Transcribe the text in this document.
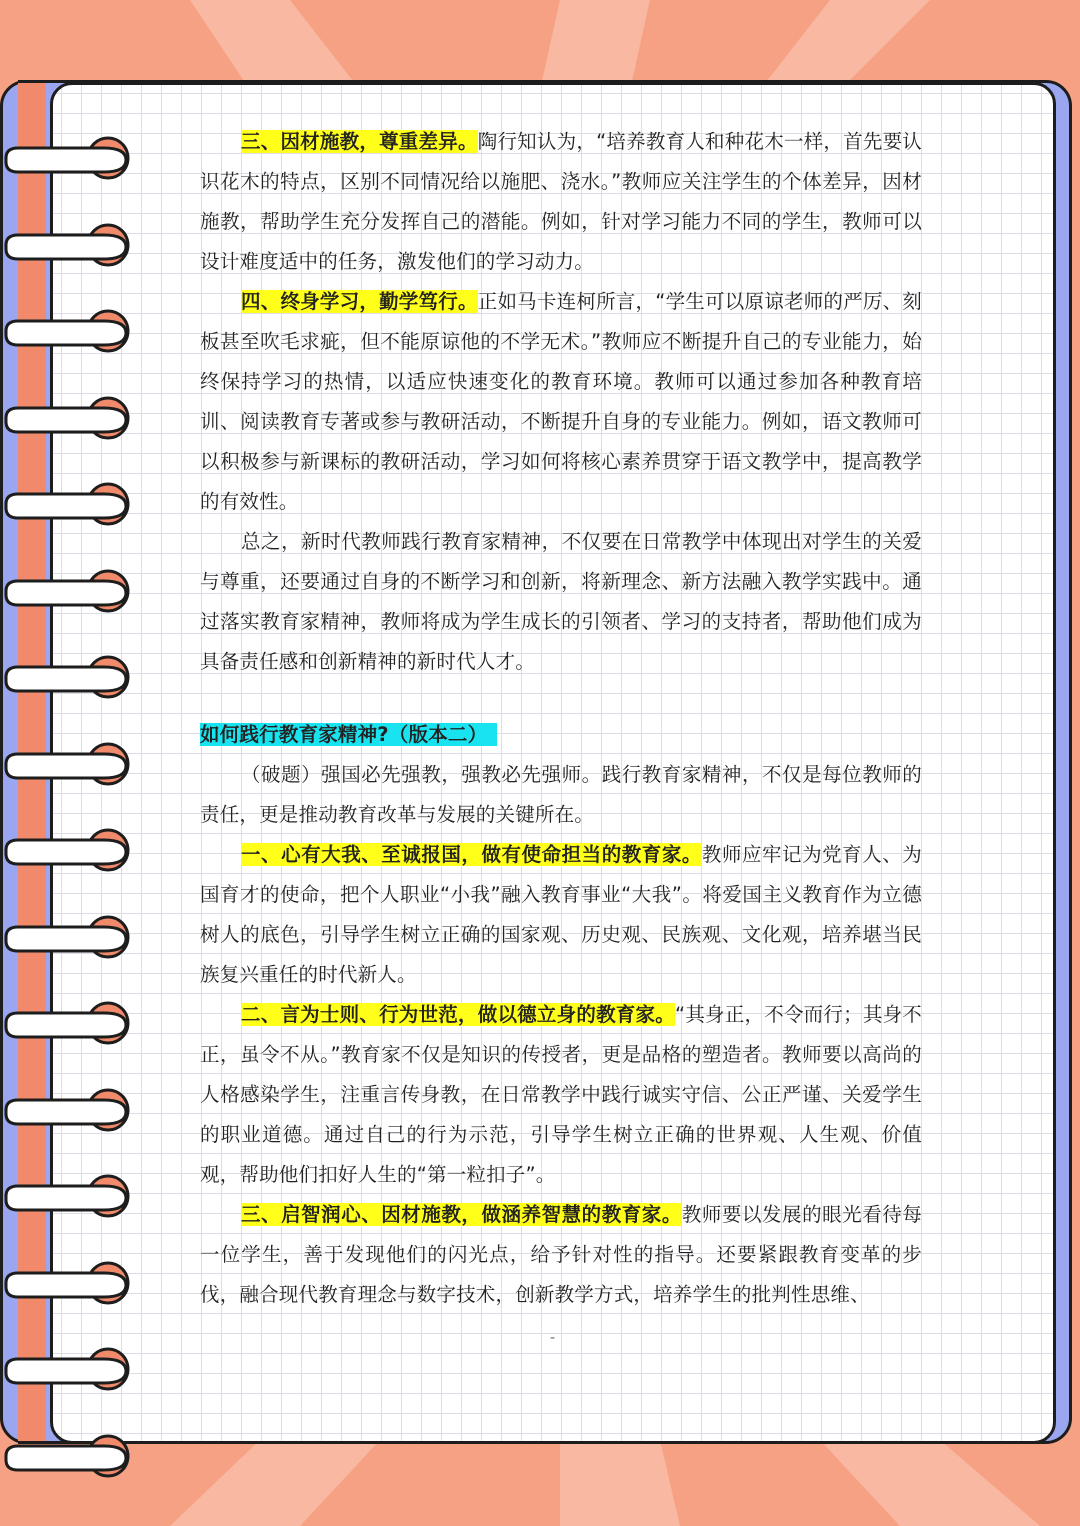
三、因材施教，尊重差异。陶行知认为，“培养教育人和种花木一样，首先要认识花木的特点，区别不同情况给以施肥、浇水。”教师应关注学生的个体差异，因材施教，帮助学生充分发挥自己的潜能。例如，针对学习能力不同的学生，教师可以设计难度适中的任务，激发他们的学习动力。

四、终身学习，勤学笃行。正如马卡连柯所言，“学生可以原谅老师的严厉、刻板甚至吹毛求疵，但不能原谅他的不学无术。”教师应不断提升自己的专业能力，始终保持学习的热情，以适应快速变化的教育环境。教师可以通过参加各种教育培训、阅读教育专著或参与教研活动，不断提升自身的专业能力。例如，语文教师可以积极参与新课标的教研活动，学习如何将核心素养贯穿于语文教学中，提高教学的有效性。

总之，新时代教师践行教育家精神，不仅要在日常教学中体现出对学生的关爱与尊重，还要通过自身的不断学习和创新，将新理念、新方法融入教学实践中。通过落实教育家精神，教师将成为学生成长的引领者、学习的支持者，帮助他们成为具备责任感和创新精神的新时代人才。

如何践行教育家精神?（版本二）

（破题）强国必先强教，强教必先强师。践行教育家精神，不仅是每位教师的责任，更是推动教育改革与发展的关键所在。

一、心有大我、至诚报国，做有使命担当的教育家。教师应牢记为党育人、为国育才的使命，把个人职业“小我”融入教育事业“大我”。将爱国主义教育作为立德树人的底色，引导学生树立正确的国家观、历史观、民族观、文化观，培养堪当民族复兴重任的时代新人。

二、言为士则、行为世范，做以德立身的教育家。“其身正，不令而行；其身不正，虽令不从。”教育家不仅是知识的传授者，更是品格的塑造者。教师要以高尚的人格感染学生，注重言传身教，在日常教学中践行诚实守信、公正严谨、关爱学生的职业道德。通过自己的行为示范，引导学生树立正确的世界观、人生观、价值观，帮助他们扣好人生的“第一粒扣子”。

三、启智润心、因材施教，做涵养智慧的教育家。教师要以发展的眼光看待每一位学生，善于发现他们的闪光点，给予针对性的指导。还要紧跟教育变革的步伐，融合现代教育理念与数字技术，创新教学方式，培养学生的批判性思维、

-
